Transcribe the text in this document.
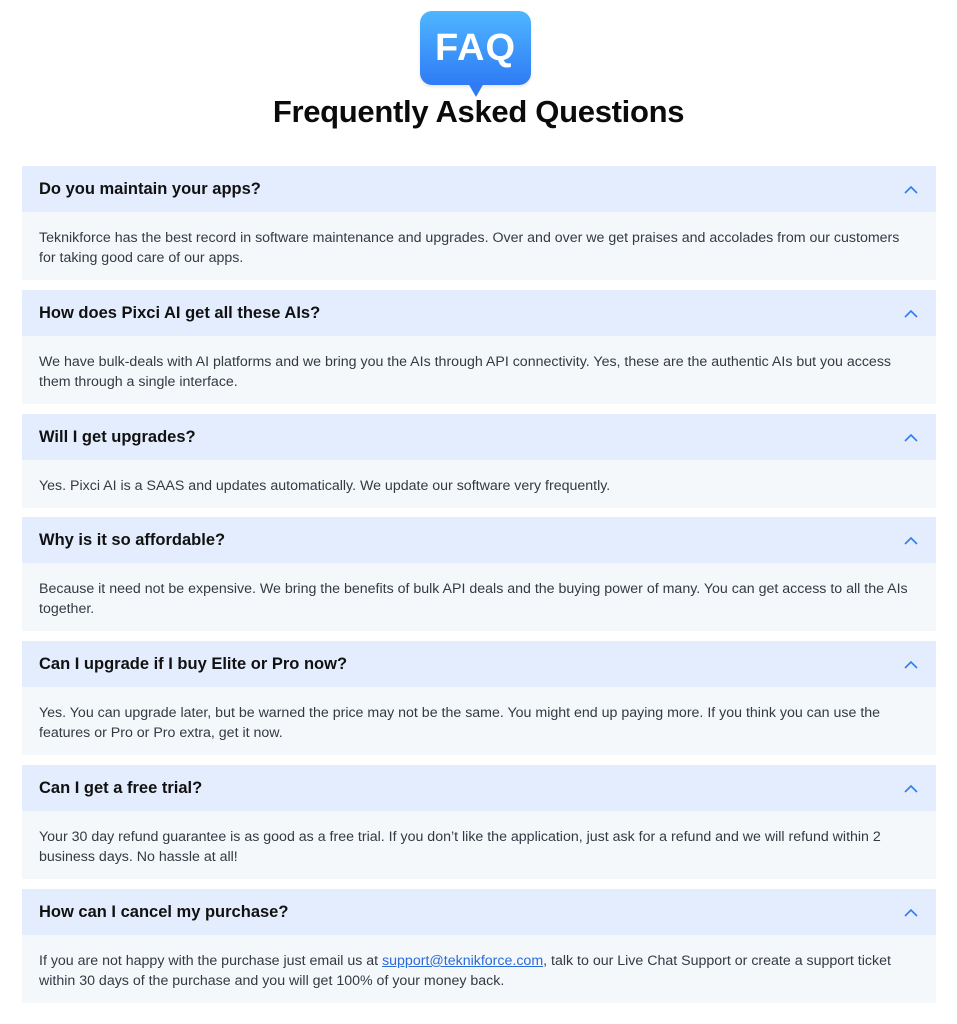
FAQ
Frequently Asked Questions
Do you maintain your apps?
Teknikforce has the best record in software maintenance and upgrades. Over and over we get praises and accolades from our customers for taking good care of our apps.
How does Pixci AI get all these AIs?
We have bulk-deals with AI platforms and we bring you the AIs through API connectivity. Yes, these are the authentic AIs but you access them through a single interface.
Will I get upgrades?
Yes. Pixci AI is a SAAS and updates automatically. We update our software very frequently.
Why is it so affordable?
Because it need not be expensive. We bring the benefits of bulk API deals and the buying power of many. You can get access to all the AIs together.
Can I upgrade if I buy Elite or Pro now?
Yes. You can upgrade later, but be warned the price may not be the same. You might end up paying more. If you think you can use the features or Pro or Pro extra, get it now.
Can I get a free trial?
Your 30 day refund guarantee is as good as a free trial. If you don’t like the application, just ask for a refund and we will refund within 2 business days. No hassle at all!
How can I cancel my purchase?
If you are not happy with the purchase just email us at support@teknikforce.com, talk to our Live Chat Support or create a support ticket within 30 days of the purchase and you will get 100% of your money back.
